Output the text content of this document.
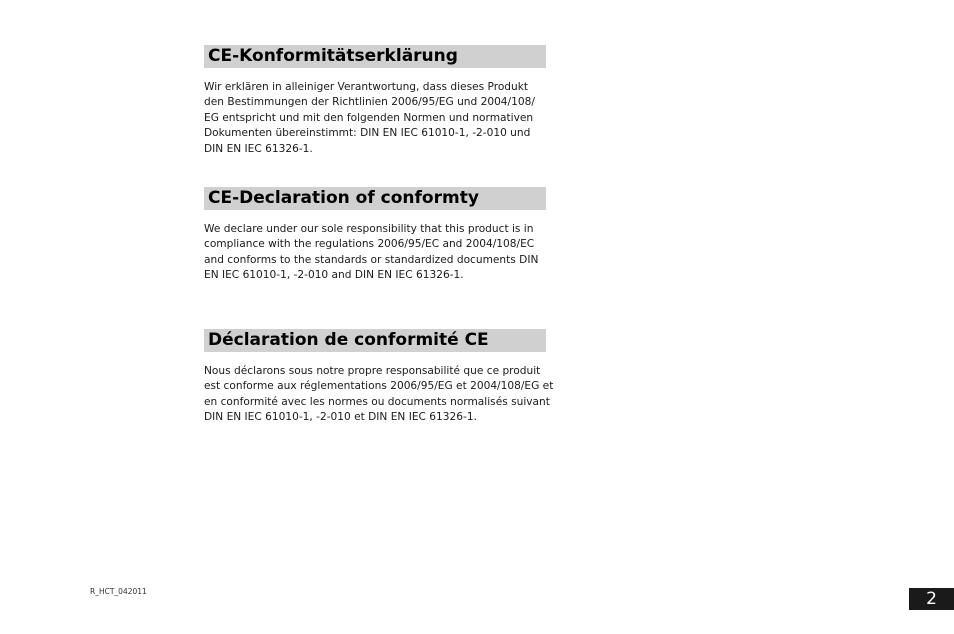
CE-Konformitätserklärung
Wir erklären in alleiniger Verantwortung, dass dieses Produkt
den Bestimmungen der Richtlinien 2006/95/EG und 2004/108/
EG entspricht und mit den folgenden Normen und normativen
Dokumenten übereinstimmt: DIN EN IEC 61010-1, -2-010 und
DIN EN IEC 61326-1.
CE-Declaration of conformty
We declare under our sole responsibility that this product is in
compliance with the regulations 2006/95/EC and 2004/108/EC
and conforms to the standards or standardized documents DIN
EN IEC 61010-1, -2-010 and DIN EN IEC 61326-1.
Déclaration de conformité CE
Nous déclarons sous notre propre responsabilité que ce produit
est conforme aux réglementations 2006/95/EG et 2004/108/EG et
en conformité avec les normes ou documents normalisés suivant
DIN EN IEC 61010-1, -2-010 et DIN EN IEC 61326-1.
R_HCT_042011	2
